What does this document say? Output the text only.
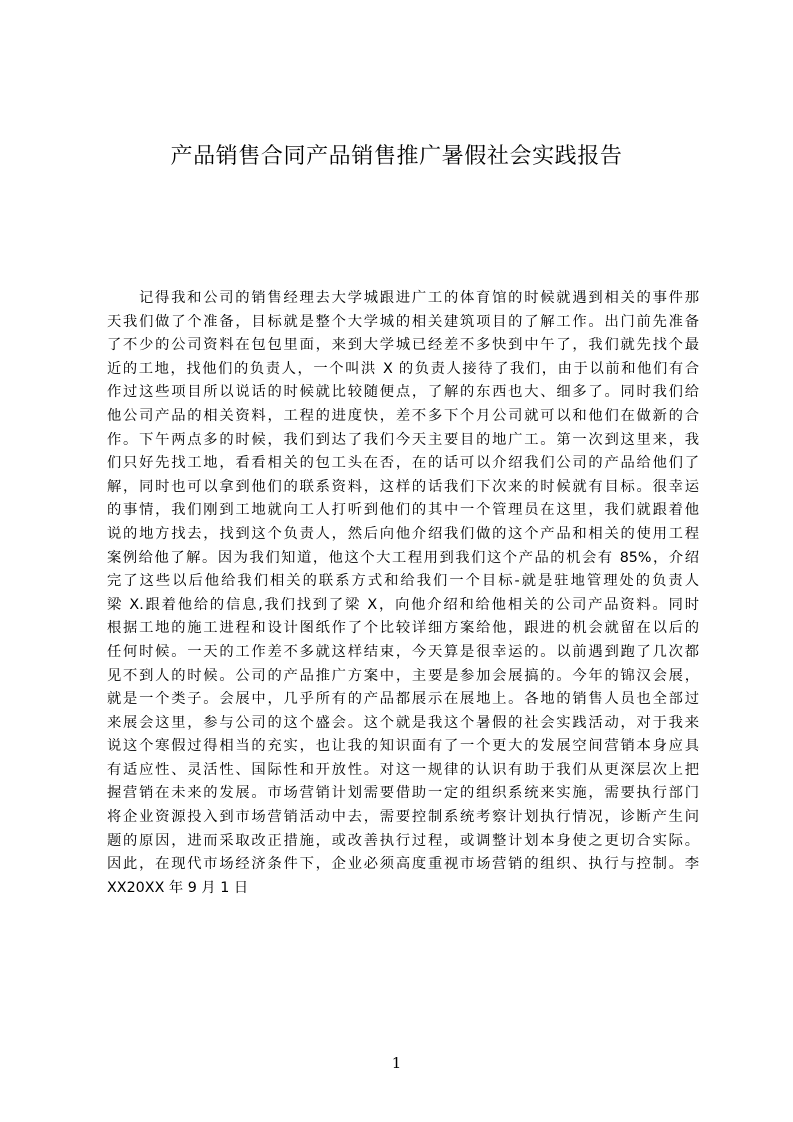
产品销售合同产品销售推广暑假社会实践报告
记得我和公司的销售经理去大学城跟进广工的体育馆的时候就遇到相关的事件那
天我们做了个准备，目标就是整个大学城的相关建筑项目的了解工作。出门前先准备
了不少的公司资料在包包里面，来到大学城已经差不多快到中午了，我们就先找个最
近的工地，找他们的负责人，一个叫洪 X 的负责人接待了我们，由于以前和他们有合
作过这些项目所以说话的时候就比较随便点，了解的东西也大、细多了。同时我们给
他公司产品的相关资料，工程的进度快，差不多下个月公司就可以和他们在做新的合
作。下午两点多的时候，我们到达了我们今天主要目的地广工。第一次到这里来，我
们只好先找工地，看看相关的包工头在否，在的话可以介绍我们公司的产品给他们了
解，同时也可以拿到他们的联系资料，这样的话我们下次来的时候就有目标。很幸运
的事情，我们刚到工地就向工人打听到他们的其中一个管理员在这里，我们就跟着他
说的地方找去，找到这个负责人，然后向他介绍我们做的这个产品和相关的使用工程
案例给他了解。因为我们知道，他这个大工程用到我们这个产品的机会有 85%，介绍
完了这些以后他给我们相关的联系方式和给我们一个目标-就是驻地管理处的负责人
梁 X.跟着他给的信息,我们找到了梁 X，向他介绍和给他相关的公司产品资料。同时
根据工地的施工进程和设计图纸作了个比较详细方案给他，跟进的机会就留在以后的
任何时候。一天的工作差不多就这样结束，今天算是很幸运的。以前遇到跑了几次都
见不到人的时候。公司的产品推广方案中，主要是参加会展搞的。今年的锦汉会展，
就是一个类子。会展中，几乎所有的产品都展示在展地上。各地的销售人员也全部过
来展会这里，参与公司的这个盛会。这个就是我这个暑假的社会实践活动，对于我来
说这个寒假过得相当的充实，也让我的知识面有了一个更大的发展空间营销本身应具
有适应性、灵活性、国际性和开放性。对这一规律的认识有助于我们从更深层次上把
握营销在未来的发展。市场营销计划需要借助一定的组织系统来实施，需要执行部门
将企业资源投入到市场营销活动中去，需要控制系统考察计划执行情况，诊断产生问
题的原因，进而采取改正措施，或改善执行过程，或调整计划本身使之更切合实际。
因此，在现代市场经济条件下，企业必须高度重视市场营销的组织、执行与控制。李
XX20XX 年 9 月 1 日
1
